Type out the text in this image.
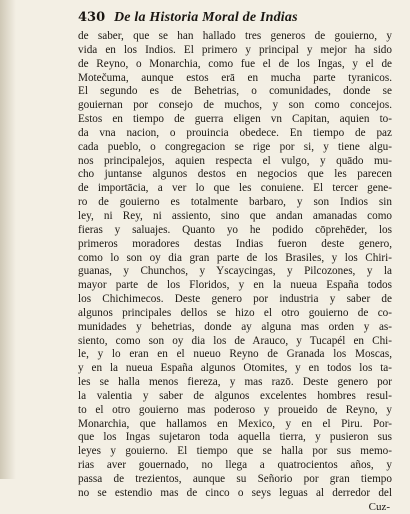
430 De la Historia Moral de Indias
de saber, que se han hallado tres generos de gouierno, y
vida en los Indios. El primero y principal y mejor ha sido
de Reyno, o Monarchia, como fue el de los Ingas, y el de
Motečuma, aunque estos erā en mucha parte tyranicos.
El segundo es de Behetrias, o comunidades, donde se
gouiernan por consejo de muchos, y son como concejos.
Estos en tiempo de guerra eligen vn Capitan, aquien to-
da vna nacion, o prouincia obedece. En tiempo de paz
cada pueblo, o congregacion se rige por si, y tiene algu-
nos principalejos, aquien respecta el vulgo, y quādo mu-
cho juntanse algunos destos en negocios que les parecen
de importācia, a ver lo que les conuiene. El tercer gene-
ro de gouierno es totalmente barbaro, y son Indios sin
ley, ni Rey, ni assiento, sino que andan amanadas como
fieras y saluajes. Quanto yo he podido cōprehēder, los
primeros moradores destas Indias fueron deste genero,
como lo son oy dia gran parte de los Brasiles, y los Chiri-
guanas, y Chunchos, y Yscaycingas, y Pilcozones, y la
mayor parte de los Floridos, y en la nueua España todos
los Chichimecos. Deste genero por industria y saber de
algunos principales dellos se hizo el otro gouierno de co-
munidades y behetrias, donde ay alguna mas orden y as-
siento, como son oy dia los de Arauco, y Tucapél en Chi-
le, y lo eran en el nueuo Reyno de Granada los Moscas,
y en la nueua España algunos Otomites, y en todos los ta-
les se halla menos fiereza, y mas razō. Deste genero por
la valentia y saber de algunos excelentes hombres resul-
to el otro gouierno mas poderoso y proueido de Reyno, y
Monarchia, que hallamos en Mexico, y en el Piru. Por-
que los Ingas sujetaron toda aquella tierra, y pusieron sus
leyes y gouierno. El tiempo que se halla por sus memo-
rias aver gouernado, no llega a quatrocientos años, y
passa de trezientos, aunque su Señorio por gran tiempo
no se estendio mas de cinco o seys leguas al derredor del
Cuz-
